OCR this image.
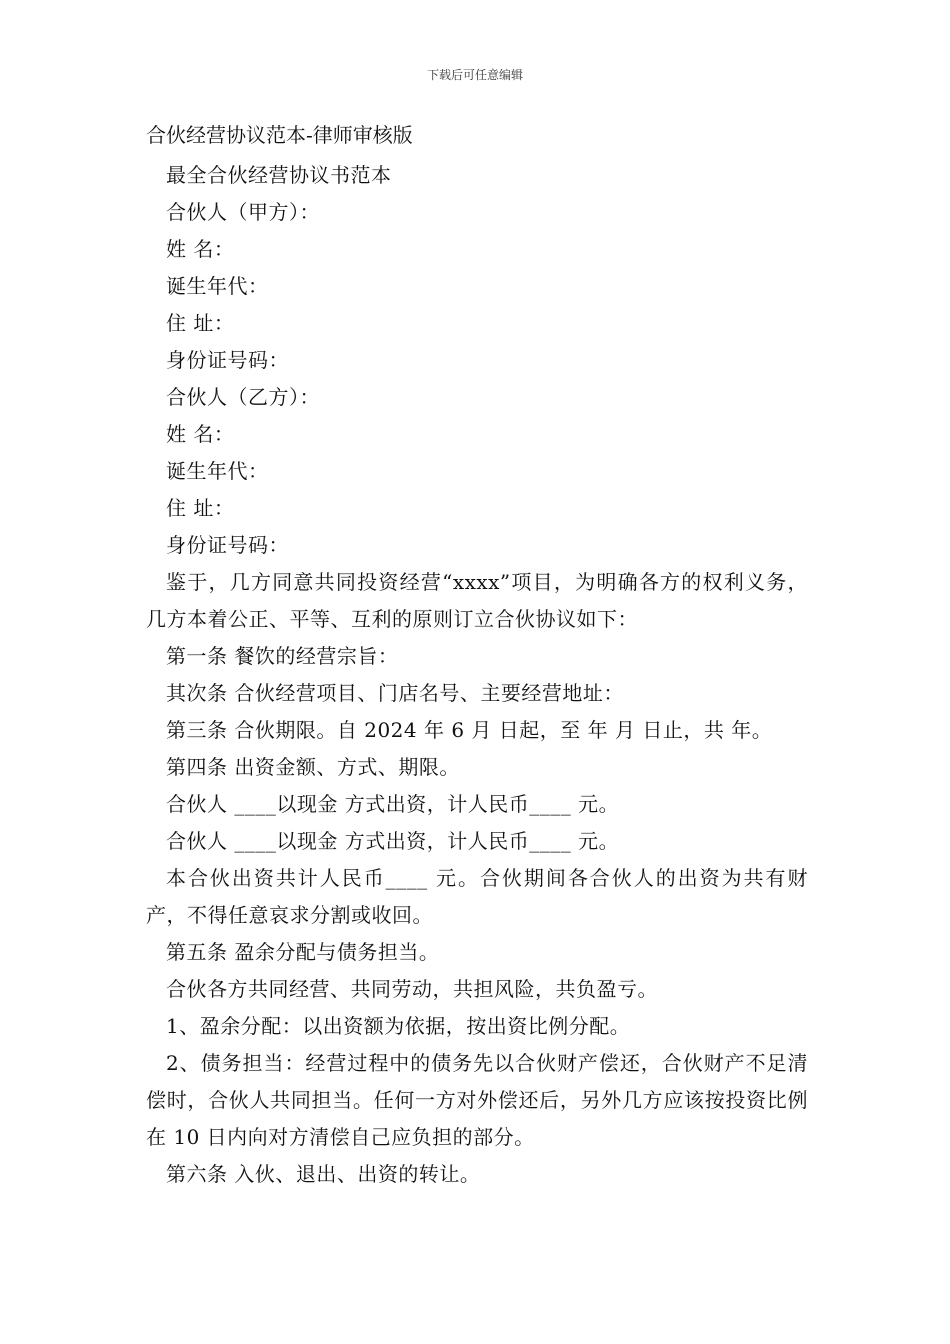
下载后可任意编辑
合伙经营协议范本-律师审核版

最全合伙经营协议书范本

合伙人（甲方）：

姓 名：

诞生年代：

住 址：

身份证号码：

合伙人（乙方）：

姓 名：

诞生年代：

住 址：

身份证号码：

鉴于，几方同意共同投资经营“xxxx”项目，为明确各方的权利义务，几方本着公正、平等、互利的原则订立合伙协议如下：

第一条 餐饮的经营宗旨：

其次条 合伙经营项目、门店名号、主要经营地址：

第三条 合伙期限。自 2024 年 6 月 日起，至 年 月 日止，共 年。

第四条 出资金额、方式、期限。

合伙人 ____以现金 方式出资，计人民币____ 元。

合伙人 ____以现金 方式出资，计人民币____ 元。

本合伙出资共计人民币____ 元。合伙期间各合伙人的出资为共有财产，不得任意哀求分割或收回。

第五条 盈余分配与债务担当。

合伙各方共同经营、共同劳动，共担风险，共负盈亏。

1、盈余分配：以出资额为依据，按出资比例分配。

2、债务担当：经营过程中的债务先以合伙财产偿还，合伙财产不足清偿时，合伙人共同担当。任何一方对外偿还后，另外几方应该按投资比例在 10 日内向对方清偿自己应负担的部分。

第六条 入伙、退出、出资的转让。
